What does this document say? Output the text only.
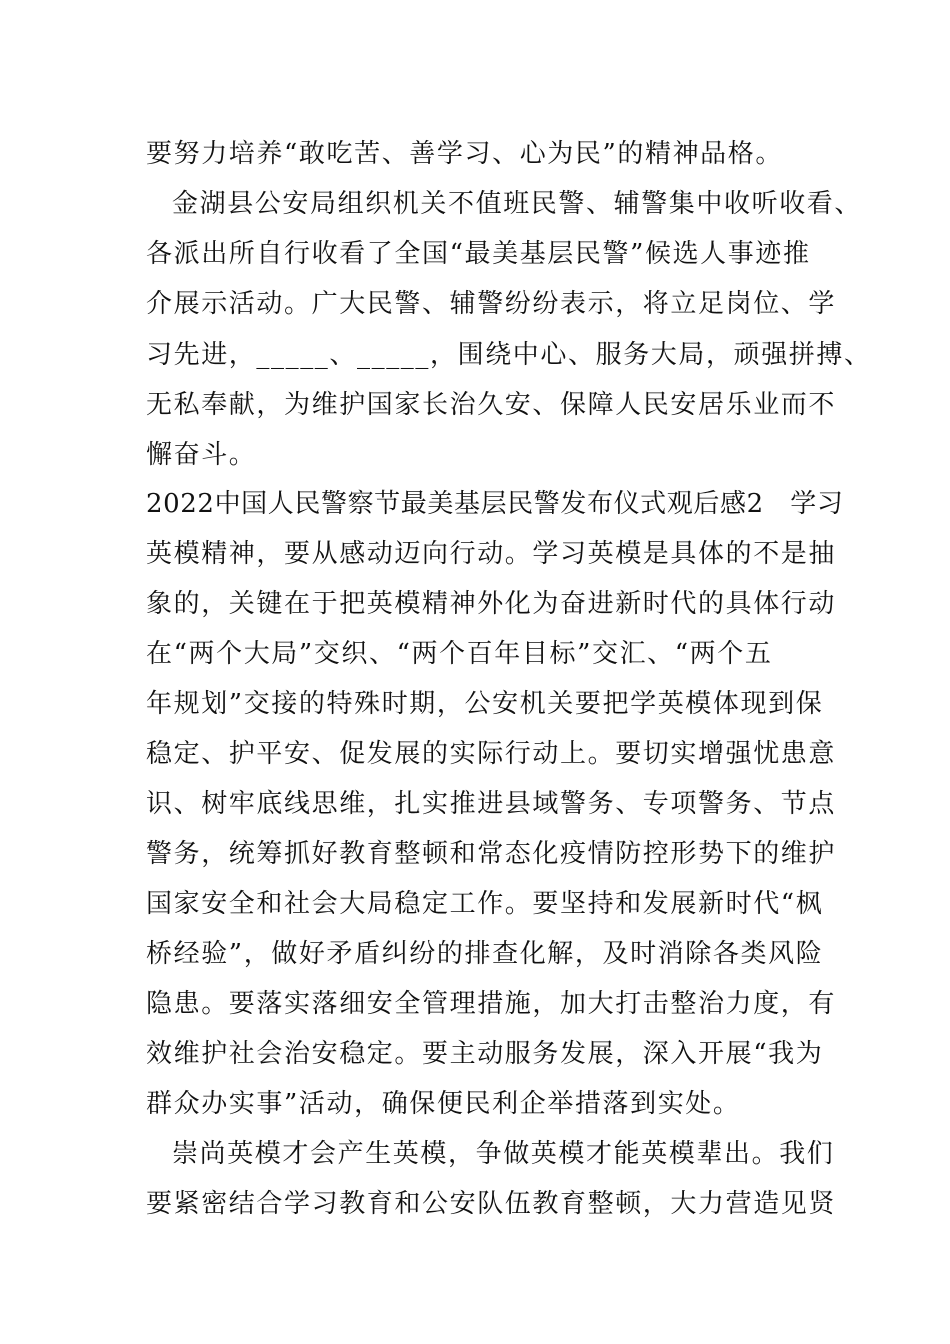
要努力培养“敢吃苦、善学习、心为民”的精神品格。
金湖县公安局组织机关不值班民警、辅警集中收听收看、
各派出所自行收看了全国“最美基层民警”候选人事迹推
介展示活动。广大民警、辅警纷纷表示，将立足岗位、学
习先进，_____、_____，围绕中心、服务大局，顽强拼搏、
无私奉献，为维护国家长治久安、保障人民安居乐业而不
懈奋斗。
2022中国人民警察节最美基层民警发布仪式观后感2　学习
英模精神，要从感动迈向行动。学习英模是具体的不是抽
象的，关键在于把英模精神外化为奋进新时代的具体行动
在“两个大局”交织、“两个百年目标”交汇、“两个五
年规划”交接的特殊时期，公安机关要把学英模体现到保
稳定、护平安、促发展的实际行动上。要切实增强忧患意
识、树牢底线思维，扎实推进县域警务、专项警务、节点
警务，统筹抓好教育整顿和常态化疫情防控形势下的维护
国家安全和社会大局稳定工作。要坚持和发展新时代“枫
桥经验”，做好矛盾纠纷的排查化解，及时消除各类风险
隐患。要落实落细安全管理措施，加大打击整治力度，有
效维护社会治安稳定。要主动服务发展，深入开展“我为
群众办实事”活动，确保便民利企举措落到实处。
崇尚英模才会产生英模，争做英模才能英模辈出。我们
要紧密结合学习教育和公安队伍教育整顿，大力营造见贤
